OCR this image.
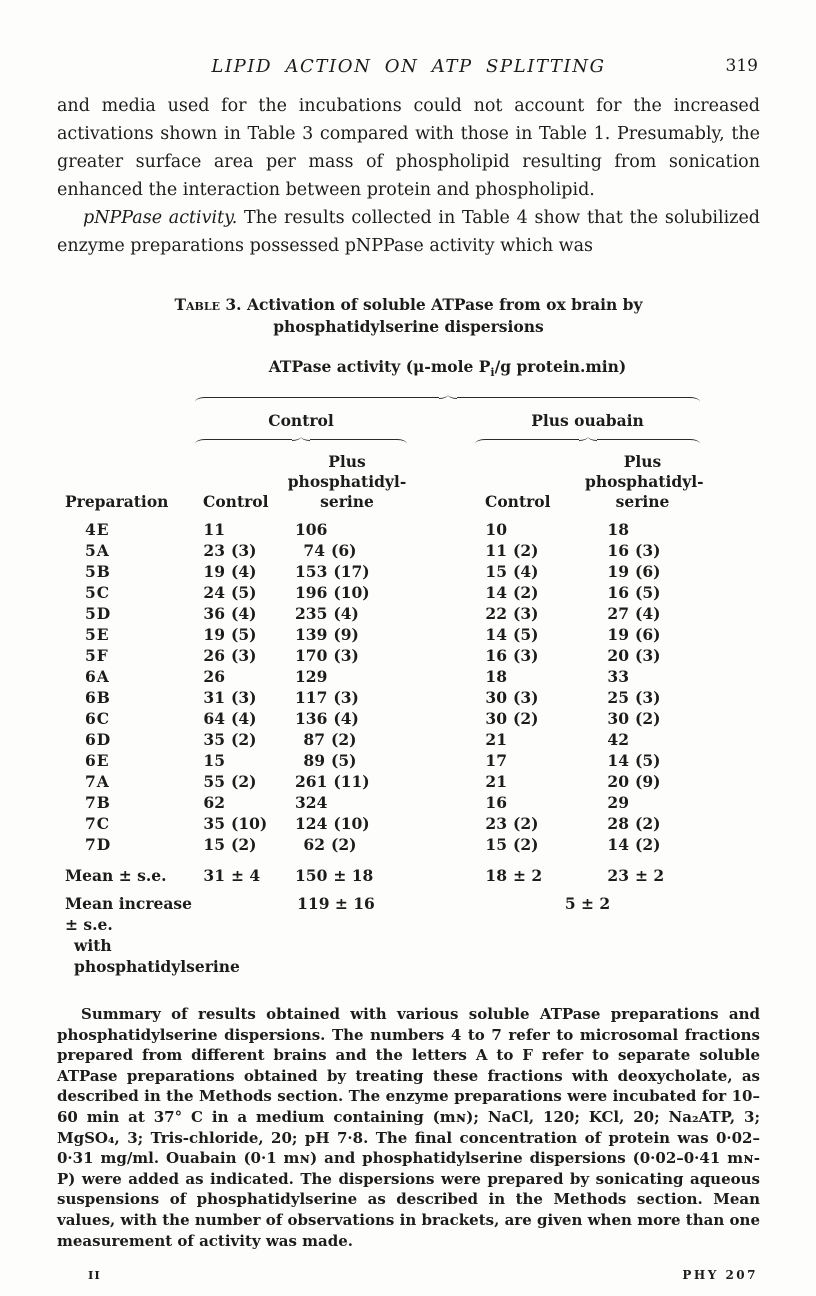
LIPID ACTION ON ATP SPLITTING	319

and media used for the incubations could not account for the increased activations shown in Table 3 compared with those in Table 1. Presumably, the greater surface area per mass of phospholipid resulting from sonication enhanced the interaction between protein and phospholipid.

pNPPase activity. The results collected in Table 4 show that the solubilized enzyme preparations possessed pNPPase activity which was

Table 3. Activation of soluble ATPase from ox brain by
phosphatidylserine dispersions
	ATPase activity (μ-mole $P_i/g$ protein.min)				

	Control			Plus ouabain	

Preparation	Control	Plus
phosphatidyl-
serine		Control	Plus
phosphatidyl-
serine

4E	11	106		10	18
5A	23 (3)	74 (6)		11 (2)	16 (3)
5B	19 (4)	153 (17)		15 (4)	19 (6)
5C	24 (5)	196 (10)		14 (2)	16 (5)
5D	36 (4)	235 (4)		22 (3)	27 (4)
5E	19 (5)	139 (9)		14 (5)	19 (6)
5F	26 (3)	170 (3)		16 (3)	20 (3)
6A	26	129		18	33
6B	31 (3)	117 (3)		30 (3)	25 (3)
6C	64 (4)	136 (4)		30 (2)	30 (2)
6D	35 (2)	87 (2)		21	42
6E	15	89 (5)		17	14 (5)
7A	55 (2)	261 (11)		21	20 (9)
7B	62	324		16	29
7C	35 (10)	124 (10)		23 (2)	28 (2)
7D	15 (2)	62 (2)		15 (2)	14 (2)
Mean ± s.e.	31 ± 4	150 ± 18		18 ± 2	23 ± 2

Mean increase ± s.e.
with phosphatidylserine	119 ± 16			5 ± 2	

Summary of results obtained with various soluble ATPase preparations and phosphatidylserine dispersions. The numbers 4 to 7 refer to microsomal fractions prepared from different brains and the letters A to F refer to separate soluble ATPase preparations obtained by treating these fractions with deoxycholate, as described in the Methods section. The enzyme preparations were incubated for 10–60 min at 37° C in a medium containing (mɴ); NaCl, 120; KCl, 20; Na₂ATP, 3; MgSO₄, 3; Tris-chloride, 20; pH 7·8. The final concentration of protein was 0·02–0·31 mg/ml. Ouabain (0·1 mɴ) and phosphatidylserine dispersions (0·02–0·41 mɴ-P) were added as indicated. The dispersions were prepared by sonicating aqueous suspensions of phosphatidylserine as described in the Methods section. Mean values, with the number of observations in brackets, are given when more than one measurement of activity was made.

II	PHY 207
